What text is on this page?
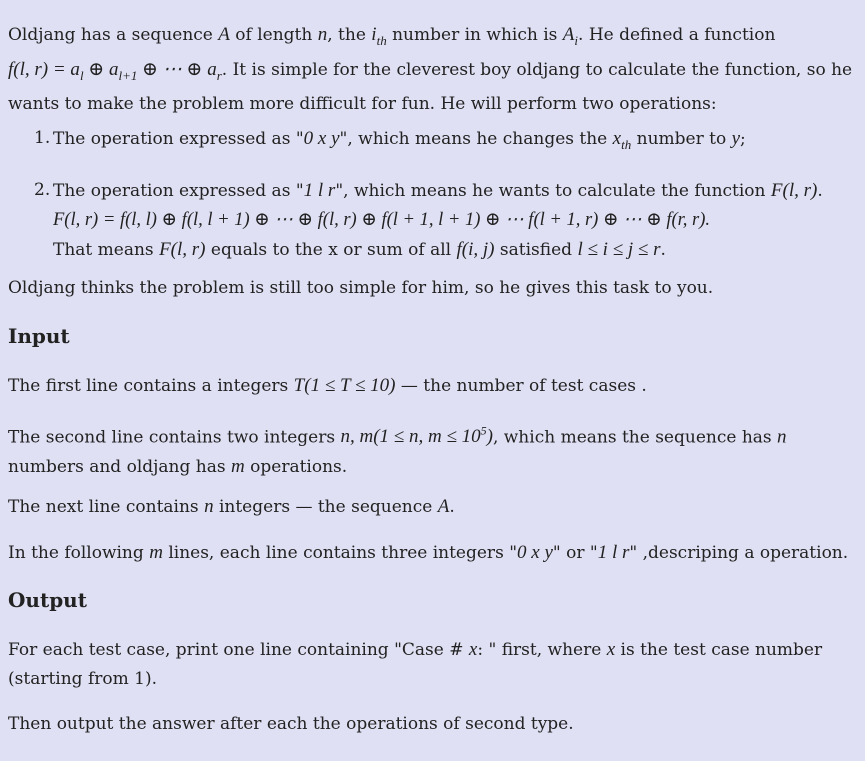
Oldjang has a sequence A of length n, the $i_{th}$ number in which is $A_i$. He defined a function
f(l, $r) = a_l$ ⊕ $a_{l+1}$ ⊕ ⋯ ⊕ $a_r$. It is simple for the cleverest boy oldjang to calculate the function, so he
wants to make the problem more difficult for fun. He will perform two operations:
1. The operation expressed as "0 x y", which means he changes the $x_{th}$ number to y;
2. The operation expressed as "1 l r", which means he wants to calculate the function F(l, r).
F(l, r) = f(l, l) ⊕ f(l, l + 1) ⊕ ⋯ ⊕ f(l, r) ⊕ f(l + 1, l + 1) ⊕ ⋯ f(l + 1, r) ⊕ ⋯ ⊕ f(r, r).
That means F(l, r) equals to the x or sum of all f(i, j) satisfied l ≤ i ≤ j ≤ r.
Oldjang thinks the problem is still too simple for him, so he gives this task to you.
Input
The first line contains a integers T(1 ≤ T ≤ 10) — the number of test cases .
The second line contains two integers n, m(1 ≤ n, $m \le 10^5$), which means the sequence has n
numbers and oldjang has m operations.
The next line contains n integers — the sequence A.
In the following m lines, each line contains three integers "0 x y" or "1 l r" ,descriping a operation.
Output
For each test case, print one line containing "Case # x: " first, where x is the test case number
(starting from 1).
Then output the answer after each the operations of second type.
